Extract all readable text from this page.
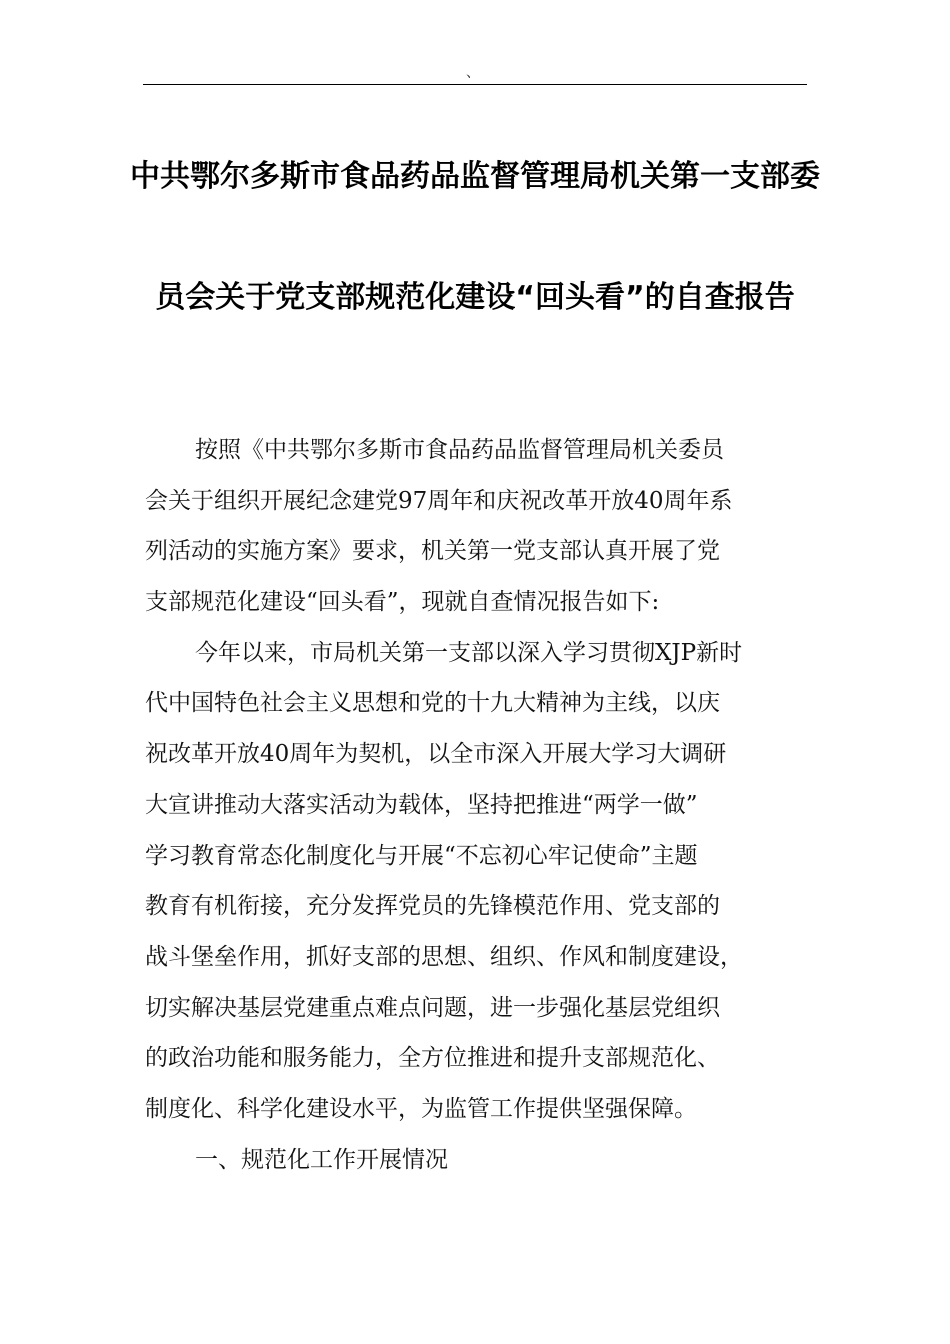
、
中共鄂尔多斯市食品药品监督管理局机关第一支部委
员会关于党支部规范化建设“回头看”的自查报告
按照《中共鄂尔多斯市食品药品监督管理局机关委员
会关于组织开展纪念建党97周年和庆祝改革开放40周年系
列活动的实施方案》要求，机关第一党支部认真开展了党
支部规范化建设“回头看”，现就自查情况报告如下:
今年以来，市局机关第一支部以深入学习贯彻XJP新时
代中国特色社会主义思想和党的十九大精神为主线，以庆
祝改革开放40周年为契机，以全市深入开展大学习大调研
大宣讲推动大落实活动为载体，坚持把推进“两学一做”
学习教育常态化制度化与开展“不忘初心牢记使命”主题
教育有机衔接，充分发挥党员的先锋模范作用、党支部的
战斗堡垒作用，抓好支部的思想、组织、作风和制度建设，
切实解决基层党建重点难点问题，进一步强化基层党组织
的政治功能和服务能力，全方位推进和提升支部规范化、
制度化、科学化建设水平，为监管工作提供坚强保障。
一、规范化工作开展情况
